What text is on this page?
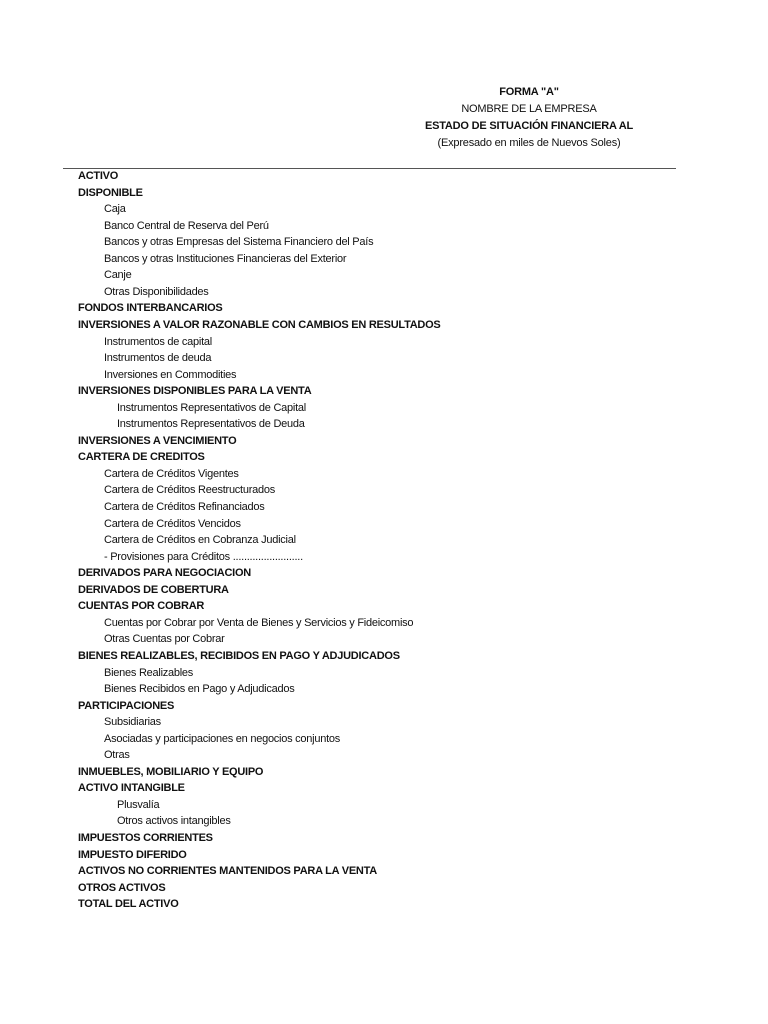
FORMA "A"
NOMBRE DE LA EMPRESA
ESTADO DE SITUACIÓN FINANCIERA AL
(Expresado en miles de Nuevos Soles)
ACTIVO
DISPONIBLE
Caja
Banco Central de Reserva del Perú
Bancos y otras Empresas del Sistema Financiero del País
Bancos y otras Instituciones Financieras del Exterior
Canje
Otras Disponibilidades
FONDOS INTERBANCARIOS
INVERSIONES A VALOR RAZONABLE CON CAMBIOS EN RESULTADOS
Instrumentos de capital
Instrumentos de deuda
Inversiones en Commodities
INVERSIONES DISPONIBLES PARA LA VENTA
Instrumentos Representativos de Capital
Instrumentos Representativos de Deuda
INVERSIONES A VENCIMIENTO
CARTERA DE CREDITOS
Cartera de Créditos Vigentes
Cartera de Créditos Reestructurados
Cartera de Créditos Refinanciados
Cartera de Créditos Vencidos
Cartera de Créditos en Cobranza Judicial
- Provisiones para Créditos .........................
DERIVADOS PARA NEGOCIACION
DERIVADOS DE COBERTURA
CUENTAS POR COBRAR
Cuentas por Cobrar por Venta de Bienes y Servicios y Fideicomiso
Otras Cuentas por Cobrar
BIENES REALIZABLES, RECIBIDOS EN PAGO Y ADJUDICADOS
Bienes Realizables
Bienes Recibidos en Pago y Adjudicados
PARTICIPACIONES
Subsidiarias
Asociadas y participaciones en negocios conjuntos
Otras
INMUEBLES, MOBILIARIO Y EQUIPO
ACTIVO INTANGIBLE
Plusvalía
Otros activos intangibles
IMPUESTOS CORRIENTES
IMPUESTO DIFERIDO
ACTIVOS NO CORRIENTES MANTENIDOS PARA LA VENTA
OTROS ACTIVOS
TOTAL DEL ACTIVO
